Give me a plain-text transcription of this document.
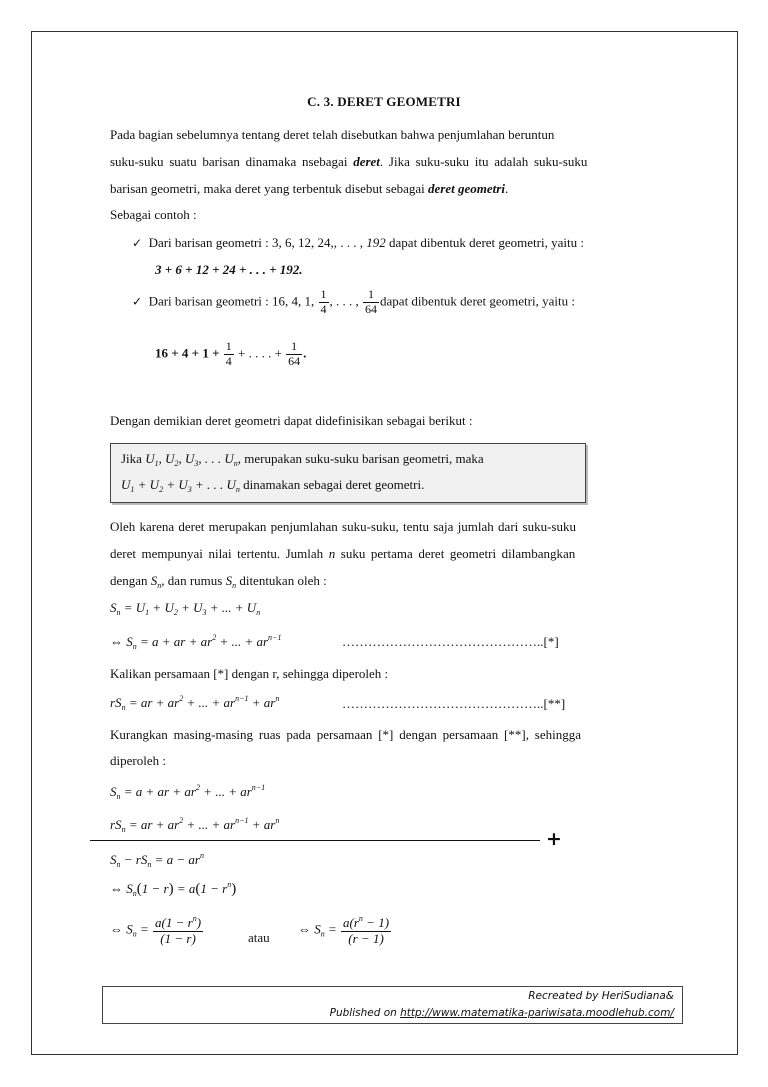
C. 3. DERET GEOMETRI
Pada bagian sebelumnya tentang deret telah disebutkan bahwa penjumlahan beruntun
suku-suku suatu barisan dinamaka nsebagai deret. Jika suku-suku itu adalah suku-suku
barisan geometri, maka deret yang terbentuk disebut sebagai deret geometri.
Sebagai contoh :
✓ Dari barisan geometri : 3, 6, 12, 24,, . . . , 192 dapat dibentuk deret geometri, yaitu :
3 + 6 + 12 + 24 + . . . + 192.
✓ Dari barisan geometri : 16, 4, 1, $\frac{1}{4}$ , . . . , $\frac{1}{64}$ dapat dibentuk deret geometri, yaitu :
$16 + 4 + 1 + \frac{1}{4}$ + . . . . + $\frac{1}{64}$ .
Dengan demikian deret geometri dapat didefinisikan sebagai berikut :
Jika $U_1$, $U_2$, $U_3$, . . . $U_n$, merupakan suku-suku barisan geometri, maka
$U_1 + U_2 + U_3$ + . . . $U_n$ dinamakan sebagai deret geometri.
Oleh karena deret merupakan penjumlahan suku-suku, tentu saja jumlah dari suku-suku
deret mempunyai nilai tertentu. Jumlah n suku pertama deret geometri dilambangkan
dengan $S_n$, dan rumus $S_n$ ditentukan oleh :
$S_n = U_1 + U_2 + U_3$ + ... + $U_n$
⇔ $S_n = a$ + ar + $ar^2$ + ... + $ar^{n-1}$	………………………………………..[*]
Kalikan persamaan [*] dengan r, sehingga diperoleh :
$rS_n$ = ar + $ar^2$ + ... + $ar^{n-1} + ar^n$	………………………………………..[**]
Kurangkan masing-masing ruas pada persamaan [*] dengan persamaan [**], sehingga
diperoleh :
$S_n = a$ + ar + $ar^2$ + ... + $ar^{n-1}$
$rS_n$ = ar + $ar^2$ + ... + $ar^{n-1} + ar^n$
+
$S_n - rS_n = a - ar^n$
⇔ $S_n(1 - r) = a(1 - r^n)$
⇔ $S_n = \frac{a(1 - r^n)}{(1 - r)}$	atau
⇔ $S_n = \frac{a(r^n - 1)}{(r - 1)}$
Recreated by HeriSudiana&
Published on http://www.matematika-pariwisata.moodlehub.com/
